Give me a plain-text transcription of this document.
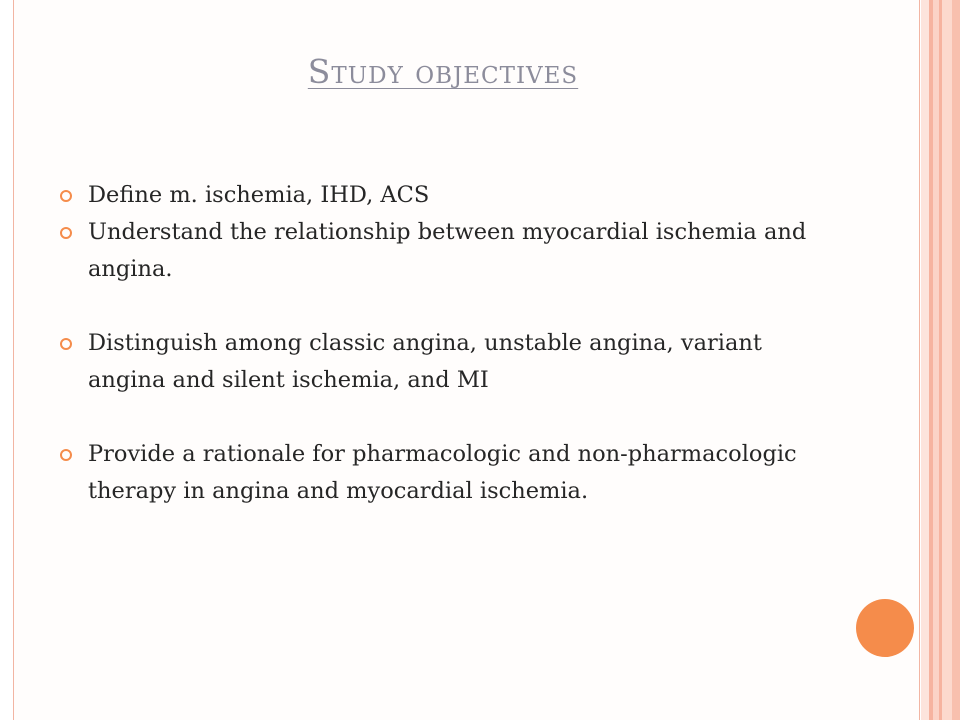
Study objectives
Define m. ischemia, IHD, ACS
Understand the relationship between myocardial ischemia and angina.
Distinguish among classic angina, unstable angina, variant angina and silent ischemia, and MI
Provide a rationale for pharmacologic and non-pharmacologic therapy in angina and myocardial ischemia.
